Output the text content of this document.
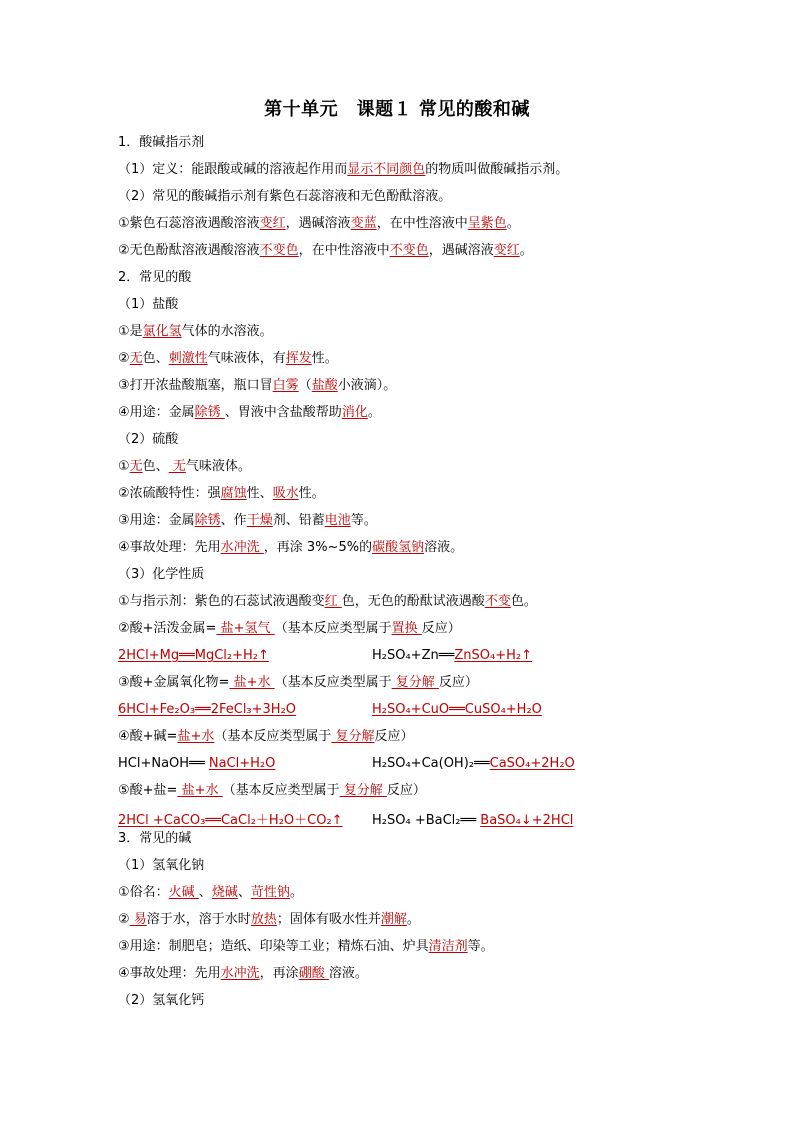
第十单元　课题１ 常见的酸和碱
1．酸碱指示剂
（1）定义：能跟酸或碱的溶液起作用而显示不同颜色的物质叫做酸碱指示剂。
（2）常见的酸碱指示剂有紫色石蕊溶液和无色酚酞溶液。
①紫色石蕊溶液遇酸溶液变红，遇碱溶液变蓝，在中性溶液中呈紫色。
②无色酚酞溶液遇酸溶液不变色，在中性溶液中不变色，遇碱溶液变红。
2．常见的酸
（1）盐酸
①是氯化氢气体的水溶液。
②无色、刺激性气味液体，有挥发性。
③打开浓盐酸瓶塞，瓶口冒白雾（盐酸小液滴）。
④用途：金属除锈 、胃液中含盐酸帮助消化。
（2）硫酸
①无色、 无气味液体。
②浓硫酸特性：强腐蚀性、吸水性。
③用途：金属除锈、作干燥剂、铅蓄电池等。
④事故处理：先用水冲洗 ，再涂 3%~5%的碳酸氢钠溶液。
（3）化学性质
①与指示剂：紫色的石蕊试液遇酸变红 色，无色的酚酞试液遇酸不变色。
②酸+活泼金属= 盐+氢气 （基本反应类型属于置换 反应）
2HCl+Mg══MgCl₂+H₂↑	H₂SO₄+Zn══ZnSO₄+H₂↑
③酸+金属氧化物= 盐+水 （基本反应类型属于 复分解 反应）
6HCl+Fe₂O₃══2FeCl₃+3H₂O	H₂SO₄+CuO══CuSO₄+H₂O
④酸+碱=盐+水（基本反应类型属于 复分解反应）
HCl+NaOH══ NaCl+H₂O	H₂SO₄+Ca(OH)₂══CaSO₄+2H₂O
⑤酸+盐= 盐+水 （基本反应类型属于 复分解 反应）
2HCl +CaCO₃══CaCl₂＋H₂O＋CO₂↑ H₂SO₄ +BaCl₂══ BaSO₄↓+2HCl
3．常见的碱
（1）氢氧化钠
①俗名：火碱 、烧碱、苛性钠。
② 易溶于水，溶于水时放热；固体有吸水性并潮解。
③用途：制肥皂；造纸、印染等工业；精炼石油、炉具清洁剂等。
④事故处理：先用水冲洗，再涂硼酸 溶液。
（2）氢氧化钙
